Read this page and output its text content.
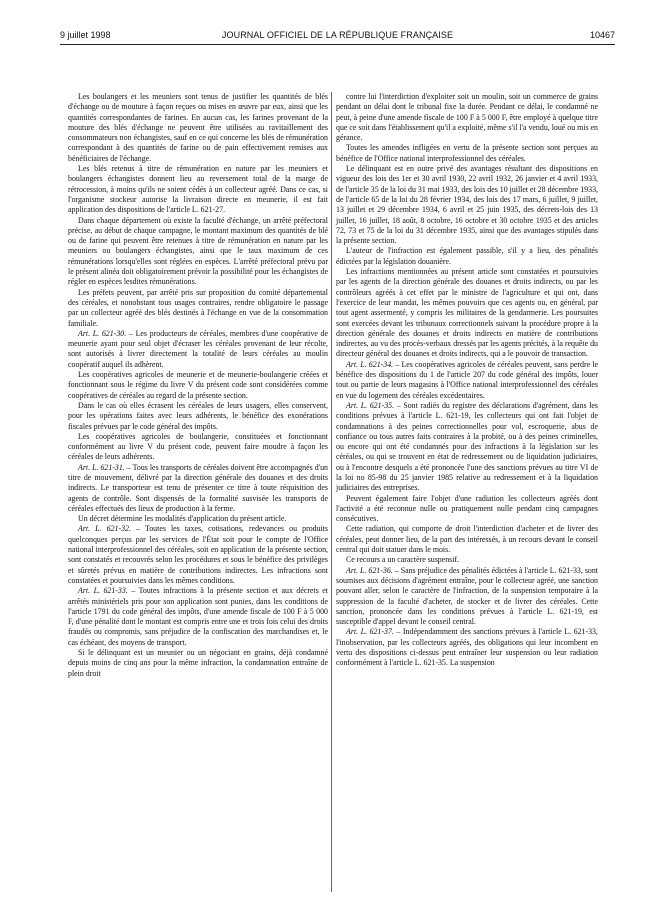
9 juillet 1998	JOURNAL OFFICIEL DE LA RÉPUBLIQUE FRANÇAISE	10467

Les boulangers et les meuniers sont tenus de justifier les quantités de blés d'échange ou de mouture à façon reçues ou mises en œuvre par eux, ainsi que les quantités correspondantes de farines. En aucun cas, les farines provenant de la mouture des blés d'échange ne peuvent être utilisées au ravitaillement des consommateurs non échangistes, sauf en ce qui concerne les blés de rémunération correspondant à des quantités de farine ou de pain effectivement remises aux bénéficiaires de l'échange.

Les blés retenus à titre de rémunération en nature par les meuniers et boulangers échangistes donnent lieu au reversement total de la marge de rétrocession, à moins qu'ils ne soient cédés à un collecteur agréé. Dans ce cas, si l'organisme stockeur autorise la livraison directe en meunerie, il est fait application des dispositions de l'article L. 621-27.

Dans chaque département où existe la faculté d'échange, un arrêté préfectoral précise, au début de chaque campagne, le montant maximum des quantités de blé ou de farine qui peuvent être retenues à titre de rémunération en nature par les meuniers ou boulangers échangistes, ainsi que le taux maximum de ces rémunérations lorsqu'elles sont réglées en espèces. L'arrêté préfectoral prévu par le présent alinéa doit obligatoirement prévoir la possibilité pour les échangistes de régler en espèces lesdites rémunérations.

Les préfets peuvent, par arrêté pris sur proposition du comité départemental des céréales, et nonobstant tous usages contraires, rendre obligatoire le passage par un collecteur agréé des blés destinés à l'échange en vue de la consommation familiale.

Art. L. 621-30. – Les producteurs de céréales, membres d'une coopérative de meunerie ayant pour seul objet d'écraser les céréales provenant de leur récolte, sont autorisés à livrer directement la totalité de leurs céréales au moulin coopératif auquel ils adhèrent.

Les coopératives agricoles de meunerie et de meunerie-boulangerie créées et fonctionnant sous le régime du livre V du présent code sont considérées comme coopératives de céréales au regard de la présente section.

Dans le cas où elles écrasent les céréales de leurs usagers, elles conservent, pour les opérations faites avec leurs adhérents, le bénéfice des exonérations fiscales prévues par le code général des impôts.

Les coopératives agricoles de boulangerie, constituées et fonctionnant conformément au livre V du présent code, peuvent faire moudre à façon les céréales de leurs adhérents.

Art. L. 621-31. – Tous les transports de céréales doivent être accompagnés d'un titre de mouvement, délivré par la direction générale des douanes et des droits indirects. Le transporteur est tenu de présenter ce titre à toute réquisition des agents de contrôle. Sont dispensés de la formalité susvisée les transports de céréales effectués des lieux de production à la ferme.

Un décret détermine les modalités d'application du présent article.

Art. L. 621-32. – Toutes les taxes, cotisations, redevances ou produits quelconques perçus par les services de l'État soit pour le compte de l'Office national interprofessionnel des céréales, soit en application de la présente section, sont constatés et recouvrés selon les procédures et sous le bénéfice des privilèges et sûretés prévus en matière de contributions indirectes. Les infractions sont constatées et poursuivies dans les mêmes conditions.

Art. L. 621-33. – Toutes infractions à la présente section et aux décrets et arrêtés ministériels pris pour son application sont punies, dans les conditions de l'article 1791 du code général des impôts, d'une amende fiscale de 100 F à 5 000 F, d'une pénalité dont le montant est compris entre une et trois fois celui des droits fraudés ou compromis, sans préjudice de la confiscation des marchandises et, le cas échéant, des moyens de transport.

Si le délinquant est un meunier ou un négociant en grains, déjà condamné depuis moins de cinq ans pour la même infraction, la condamnation entraîne de plein droit

contre lui l'interdiction d'exploiter soit un moulin, soit un commerce de grains pendant un délai dont le tribunal fixe la durée. Pendant ce délai, le condamné ne peut, à peine d'une amende fiscale de 100 F à 5 000 F, être employé à quelque titre que ce soit dans l'établissement qu'il a exploité, même s'il l'a vendu, loué ou mis en gérance.

Toutes les amendes infligées en vertu de la présente section sont perçues au bénéfice de l'Office national interprofessionnel des céréales.

Le délinquant est en outre privé des avantages résultant des dispositions en vigueur des lois des 1er et 30 avril 1930, 22 avril 1932, 26 janvier et 4 avril 1933, de l'article 35 de la loi du 31 mai 1933, des lois des 10 juillet et 28 décembre 1933, de l'article 65 de la loi du 28 février 1934, des lois des 17 mars, 6 juillet, 9 juillet, 13 juillet et 29 décembre 1934, 6 avril et 25 juin 1935, des décrets-lois des 13 juillet, 16 juillet, 18 août, 8 octobre, 16 octobre et 30 octobre 1935 et des articles 72, 73 et 75 de la loi du 31 décembre 1935, ainsi que des avantages stipulés dans la présente section.

L'auteur de l'infraction est également passible, s'il y a lieu, des pénalités édictées par la législation douanière.

Les infractions mentionnées au présent article sont constatées et poursuivies par les agents de la direction générale des douanes et droits indirects, ou par les contrôleurs agréés à cet effet par le ministre de l'agriculture et qui ont, dans l'exercice de leur mandat, les mêmes pouvoirs que ces agents ou, en général, par tout agent assermenté, y compris les militaires de la gendarmerie. Les poursuites sont exercées devant les tribunaux correctionnels suivant la procédure propre à la direction générale des douanes et droits indirects en matière de contributions indirectes, au vu des procès-verbaux dressés par les agents précités, à la requête du directeur général des douanes et droits indirects, qui a le pouvoir de transaction.

Art. L. 621-34. – Les coopératives agricoles de céréales peuvent, sans perdre le bénéfice des dispositions du 1 de l'article 207 du code général des impôts, louer tout ou partie de leurs magasins à l'Office national interprofessionnel des céréales en vue du logement des céréales excédentaires.

Art. L. 621-35. – Sont radiés du registre des déclarations d'agrément, dans les conditions prévues à l'article L. 621-19, les collecteurs qui ont fait l'objet de condamnations à des peines correctionnelles pour vol, escroquerie, abus de confiance ou tous autres faits contraires à la probité, ou à des peines criminelles, ou encore qui ont été condamnés pour des infractions à la législation sur les céréales, ou qui se trouvent en état de redressement ou de liquidation judiciaires, ou à l'encontre desquels a été prononcée l'une des sanctions prévues au titre VI de la loi no 85-98 du 25 janvier 1985 relative au redressement et à la liquidation judiciaires des entreprises.

Peuvent également faire l'objet d'une radiation les collecteurs agréés dont l'activité a été reconnue nulle ou pratiquement nulle pendant cinq campagnes consécutives.

Cette radiation, qui comporte de droit l'interdiction d'acheter et de livrer des céréales, peut donner lieu, de la part des intéressés, à un recours devant le conseil central qui doit statuer dans le mois.

Ce recours a un caractère suspensif.

Art. L. 621-36. – Sans préjudice des pénalités édictées à l'article L. 621-33, sont soumises aux décisions d'agrément entraîne, pour le collecteur agréé, une sanction pouvant aller, selon le caractère de l'infraction, de la suspension temporaire à la suppression de la faculté d'acheter, de stocker et de livrer des céréales. Cette sanction, prononcée dans les conditions prévues à l'article L. 621-19, est susceptible d'appel devant le conseil central.

Art. L. 621-37. – Indépendamment des sanctions prévues à l'article L. 621-33, l'inobservation, par les collecteurs agréés, des obligations qui leur incombent en vertu des dispositions ci-dessus peut entraîner leur suspension ou leur radiation conformément à l'article L. 621-35. La suspension
